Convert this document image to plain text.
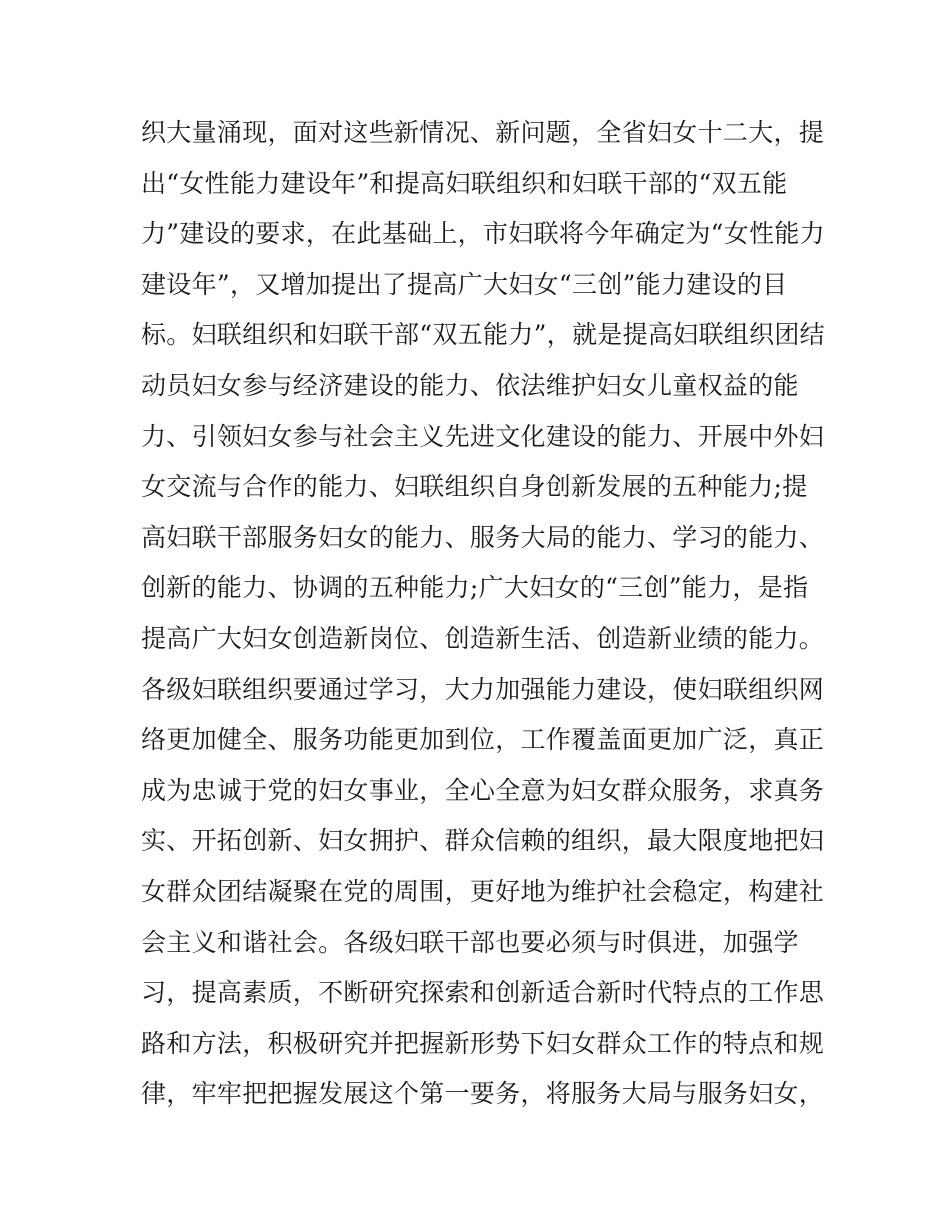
织大量涌现，面对这些新情况、新问题，全省妇女十二大，提
出“女性能力建设年”和提高妇联组织和妇联干部的“双五能
力”建设的要求，在此基础上，市妇联将今年确定为“女性能力
建设年”，又增加提出了提高广大妇女“三创”能力建设的目
标。妇联组织和妇联干部“双五能力”，就是提高妇联组织团结
动员妇女参与经济建设的能力、依法维护妇女儿童权益的能
力、引领妇女参与社会主义先进文化建设的能力、开展中外妇
女交流与合作的能力、妇联组织自身创新发展的五种能力;提
高妇联干部服务妇女的能力、服务大局的能力、学习的能力、
创新的能力、协调的五种能力;广大妇女的“三创”能力，是指
提高广大妇女创造新岗位、创造新生活、创造新业绩的能力。
各级妇联组织要通过学习，大力加强能力建设，使妇联组织网
络更加健全、服务功能更加到位，工作覆盖面更加广泛，真正
成为忠诚于党的妇女事业，全心全意为妇女群众服务，求真务
实、开拓创新、妇女拥护、群众信赖的组织，最大限度地把妇
女群众团结凝聚在党的周围，更好地为维护社会稳定，构建社
会主义和谐社会。各级妇联干部也要必须与时俱进，加强学
习，提高素质，不断研究探索和创新适合新时代特点的工作思
路和方法，积极研究并把握新形势下妇女群众工作的特点和规
律，牢牢把把握发展这个第一要务，将服务大局与服务妇女，
